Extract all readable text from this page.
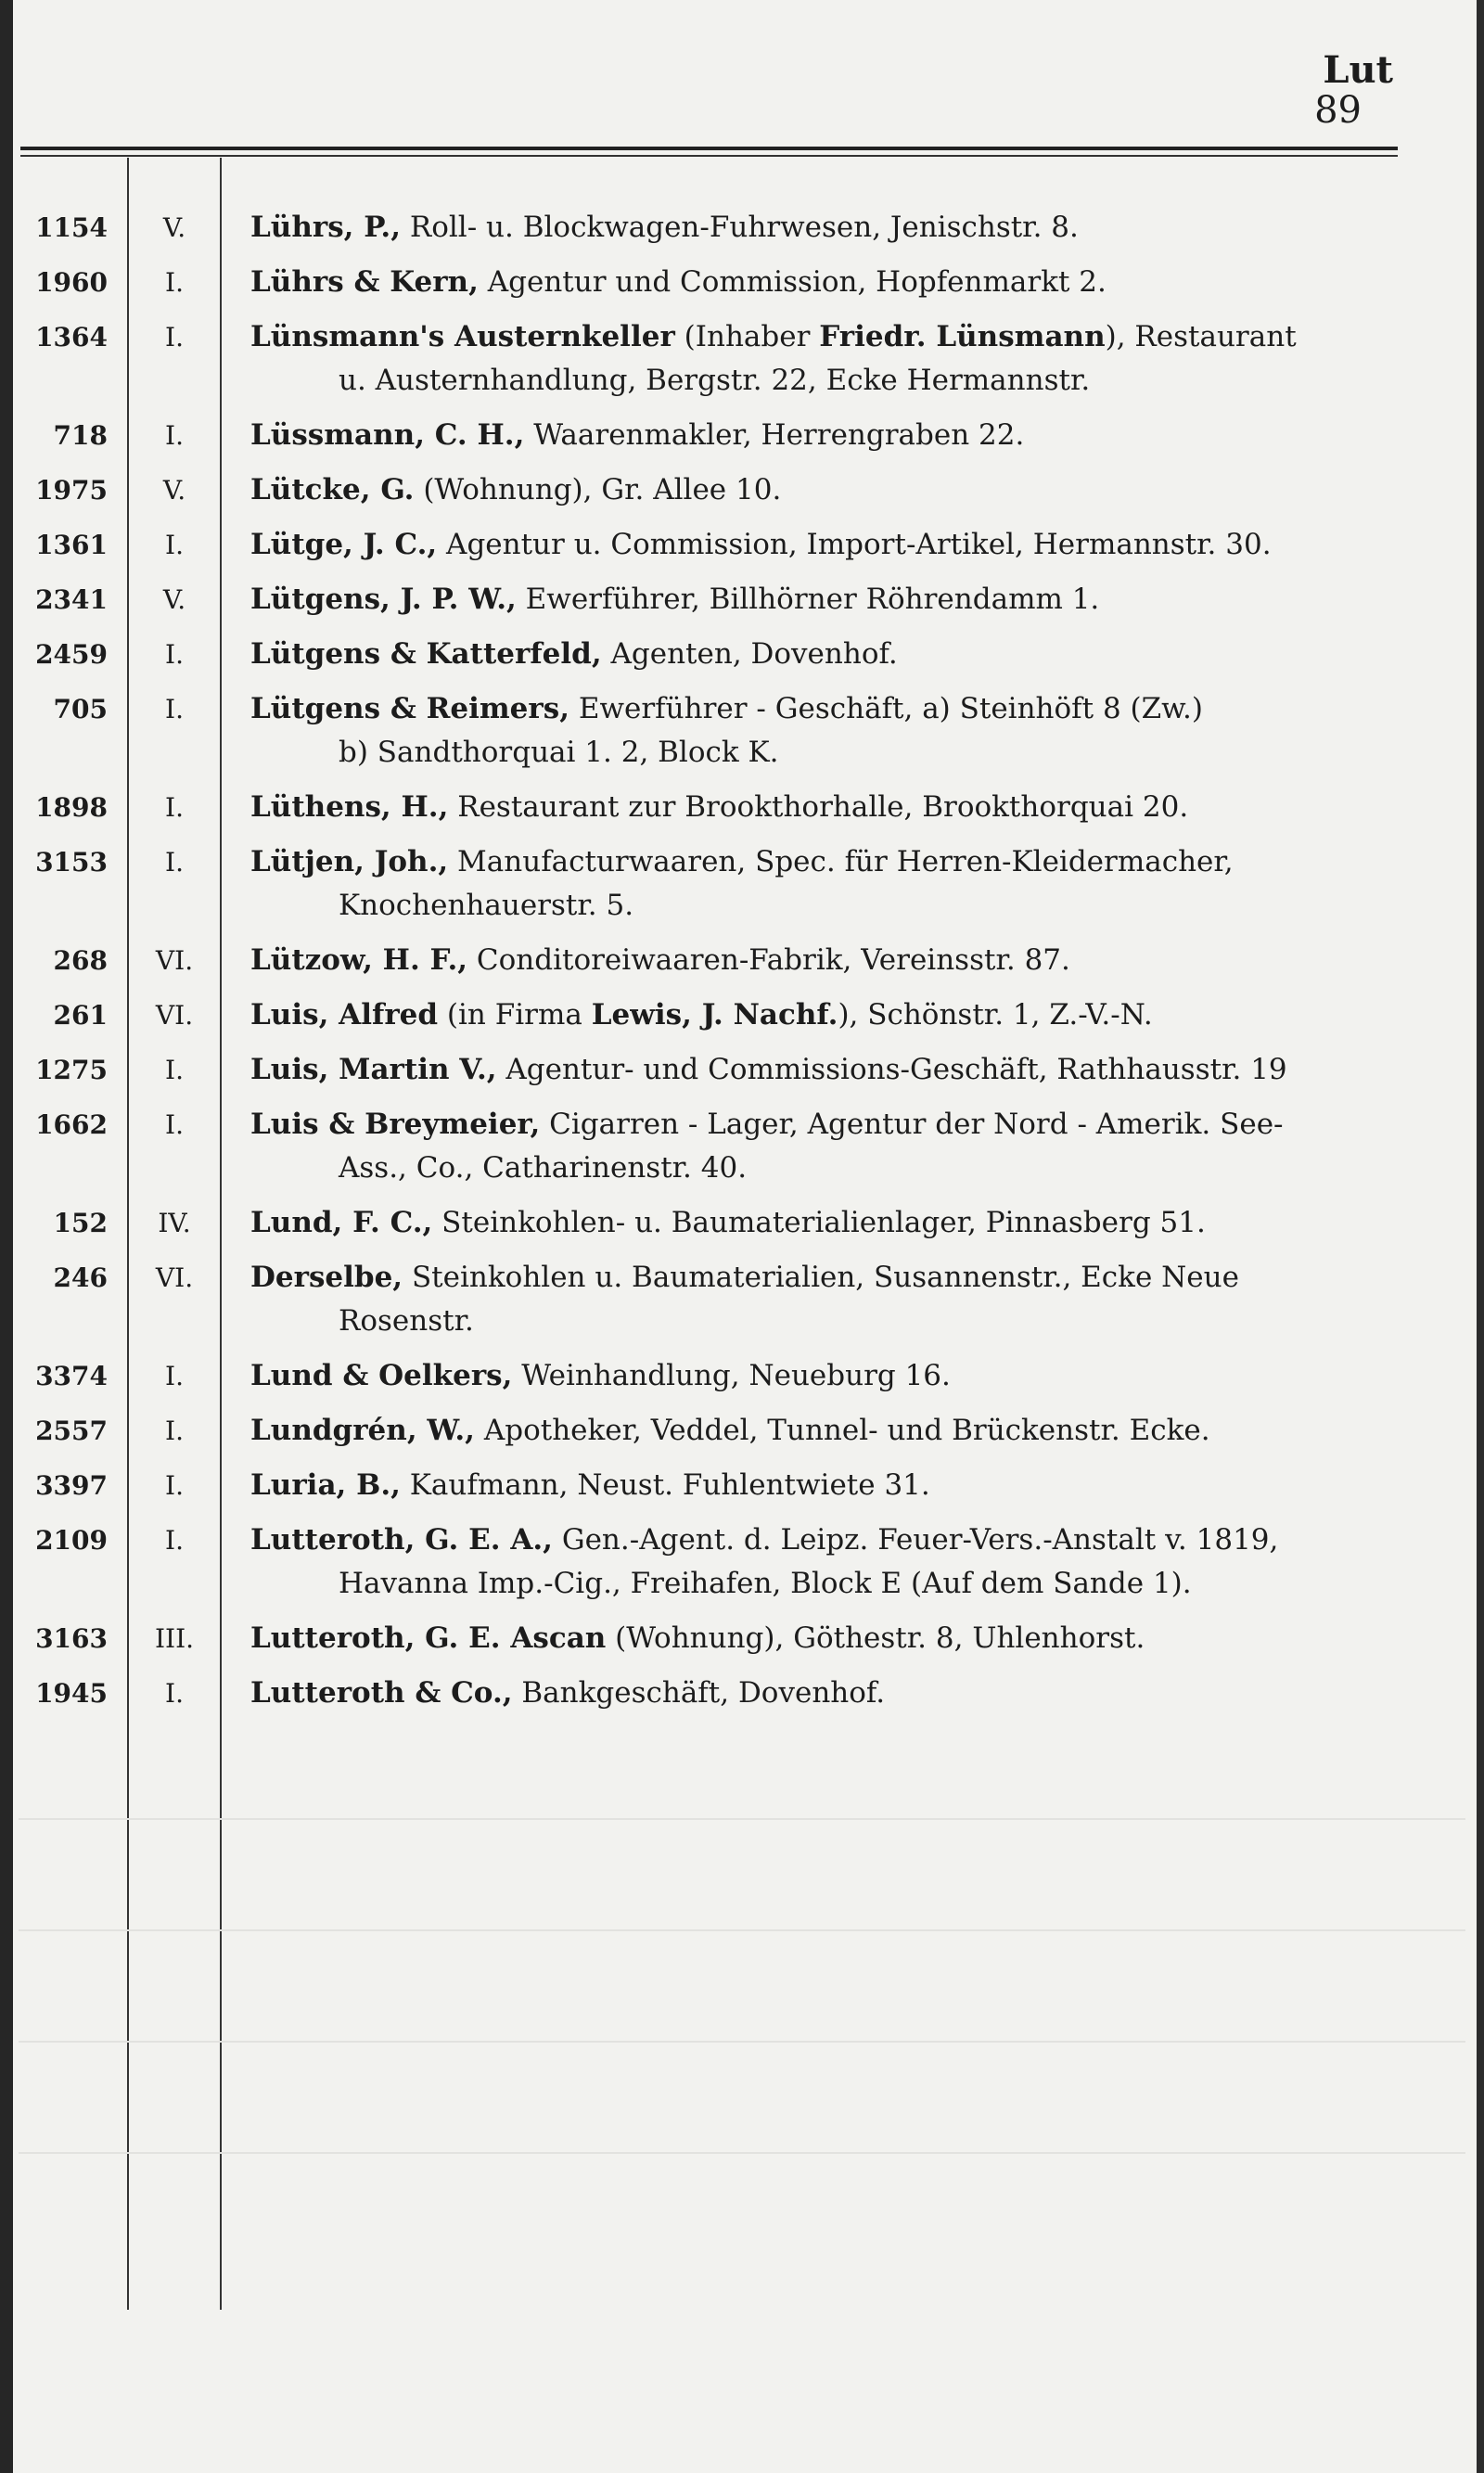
Lut
89
1154	V.	Lührs, P., Roll- u. Blockwagen-Fuhrwesen, Jenischstr. 8.
1960	I.	Lührs & Kern, Agentur und Commission, Hopfenmarkt 2.
1364	I.	Lünsmann's Austernkeller (Inhaber Friedr. Lünsmann), Restaurant
u. Austernhandlung, Bergstr. 22, Ecke Hermannstr.
718	I.	Lüssmann, C. H., Waarenmakler, Herrengraben 22.
1975	V.	Lütcke, G. (Wohnung), Gr. Allee 10.
1361	I.	Lütge, J. C., Agentur u. Commission, Import-Artikel, Hermannstr. 30.
2341	V.	Lütgens, J. P. W., Ewerführer, Billhörner Röhrendamm 1.
2459	I.	Lütgens & Katterfeld, Agenten, Dovenhof.
705	I.	Lütgens & Reimers, Ewerführer - Geschäft, a) Steinhöft 8 (Zw.)
b) Sandthorquai 1. 2, Block K.
1898	I.	Lüthens, H., Restaurant zur Brookthorhalle, Brookthorquai 20.
3153	I.	Lütjen, Joh., Manufacturwaaren, Spec. für Herren-Kleidermacher,
Knochenhauerstr. 5.
268	VI.	Lützow, H. F., Conditoreiwaaren-Fabrik, Vereinsstr. 87.
261	VI.	Luis, Alfred (in Firma Lewis, J. Nachf.), Schönstr. 1, Z.-V.-N.
1275	I.	Luis, Martin V., Agentur- und Commissions-Geschäft, Rathhausstr. 19
1662	I.	Luis & Breymeier, Cigarren - Lager, Agentur der Nord - Amerik. See-
Ass., Co., Catharinenstr. 40.
152	IV.	Lund, F. C., Steinkohlen- u. Baumaterialienlager, Pinnasberg 51.
246	VI.	Derselbe, Steinkohlen u. Baumaterialien, Susannenstr., Ecke Neue
Rosenstr.
3374	I.	Lund & Oelkers, Weinhandlung, Neueburg 16.
2557	I.	Lundgrén, W., Apotheker, Veddel, Tunnel- und Brückenstr. Ecke.
3397	I.	Luria, B., Kaufmann, Neust. Fuhlentwiete 31.
2109	I.	Lutteroth, G. E. A., Gen.-Agent. d. Leipz. Feuer-Vers.-Anstalt v. 1819,
Havanna Imp.-Cig., Freihafen, Block E (Auf dem Sande 1).
3163	III.	Lutteroth, G. E. Ascan (Wohnung), Göthestr. 8, Uhlenhorst.
1945	I.	Lutteroth & Co., Bankgeschäft, Dovenhof.
